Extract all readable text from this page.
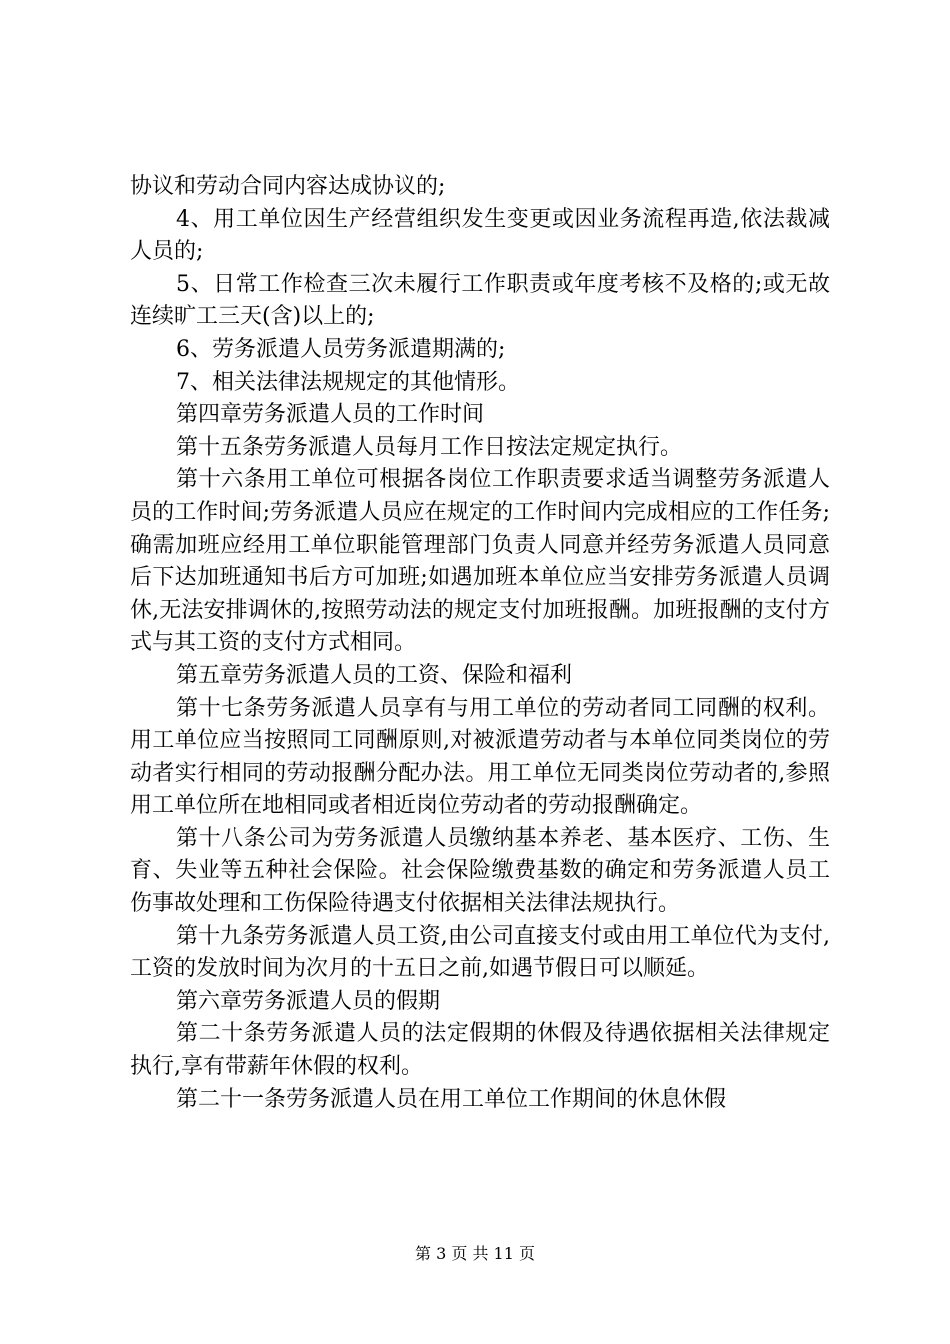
协议和劳动合同内容达成协议的;

4、用工单位因生产经营组织发生变更或因业务流程再造,依法裁减人员的;

5、日常工作检查三次未履行工作职责或年度考核不及格的;或无故连续旷工三天(含)以上的;

6、劳务派遣人员劳务派遣期满的;

7、相关法律法规规定的其他情形。

第四章劳务派遣人员的工作时间

第十五条劳务派遣人员每月工作日按法定规定执行。

第十六条用工单位可根据各岗位工作职责要求适当调整劳务派遣人员的工作时间;劳务派遣人员应在规定的工作时间内完成相应的工作任务;确需加班应经用工单位职能管理部门负责人同意并经劳务派遣人员同意后下达加班通知书后方可加班;如遇加班本单位应当安排劳务派遣人员调休,无法安排调休的,按照劳动法的规定支付加班报酬。加班报酬的支付方式与其工资的支付方式相同。

第五章劳务派遣人员的工资、保险和福利

第十七条劳务派遣人员享有与用工单位的劳动者同工同酬的权利。用工单位应当按照同工同酬原则,对被派遣劳动者与本单位同类岗位的劳动者实行相同的劳动报酬分配办法。用工单位无同类岗位劳动者的,参照用工单位所在地相同或者相近岗位劳动者的劳动报酬确定。

第十八条公司为劳务派遣人员缴纳基本养老、基本医疗、工伤、生育、失业等五种社会保险。社会保险缴费基数的确定和劳务派遣人员工伤事故处理和工伤保险待遇支付依据相关法律法规执行。

第十九条劳务派遣人员工资,由公司直接支付或由用工单位代为支付,工资的发放时间为次月的十五日之前,如遇节假日可以顺延。

第六章劳务派遣人员的假期

第二十条劳务派遣人员的法定假期的休假及待遇依据相关法律规定执行,享有带薪年休假的权利。

第二十一条劳务派遣人员在用工单位工作期间的休息休假

第 3 页 共 11 页
